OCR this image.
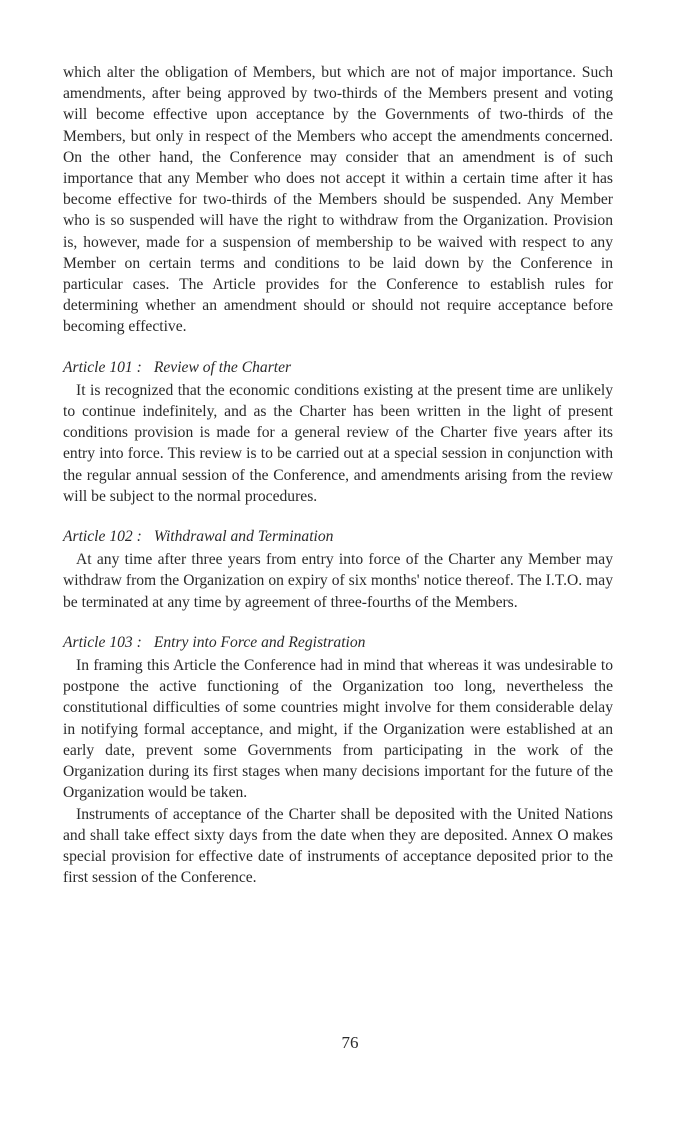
which alter the obligation of Members, but which are not of major importance. Such amendments, after being approved by two-thirds of the Members present and voting will become effective upon acceptance by the Governments of two-thirds of the Members, but only in respect of the Members who accept the amendments concerned. On the other hand, the Conference may consider that an amendment is of such importance that any Member who does not accept it within a certain time after it has become effective for two-thirds of the Members should be suspended. Any Member who is so suspended will have the right to withdraw from the Organization. Provision is, however, made for a suspension of membership to be waived with respect to any Member on certain terms and conditions to be laid down by the Conference in particular cases. The Article provides for the Conference to establish rules for determining whether an amendment should or should not require acceptance before becoming effective.

Article 101 : Review of the Charter

It is recognized that the economic conditions existing at the present time are unlikely to continue indefinitely, and as the Charter has been written in the light of present conditions provision is made for a general review of the Charter five years after its entry into force. This review is to be carried out at a special session in conjunction with the regular annual session of the Conference, and amendments arising from the review will be subject to the normal procedures.

Article 102 : Withdrawal and Termination

At any time after three years from entry into force of the Charter any Member may withdraw from the Organization on expiry of six months' notice thereof. The I.T.O. may be terminated at any time by agreement of three-fourths of the Members.

Article 103 : Entry into Force and Registration

In framing this Article the Conference had in mind that whereas it was undesirable to postpone the active functioning of the Organization too long, nevertheless the constitutional difficulties of some countries might involve for them considerable delay in notifying formal acceptance, and might, if the Organization were established at an early date, prevent some Governments from participating in the work of the Organization during its first stages when many decisions important for the future of the Organization would be taken.

Instruments of acceptance of the Charter shall be deposited with the United Nations and shall take effect sixty days from the date when they are deposited. Annex O makes special provision for effective date of instruments of acceptance deposited prior to the first session of the Conference.

76
